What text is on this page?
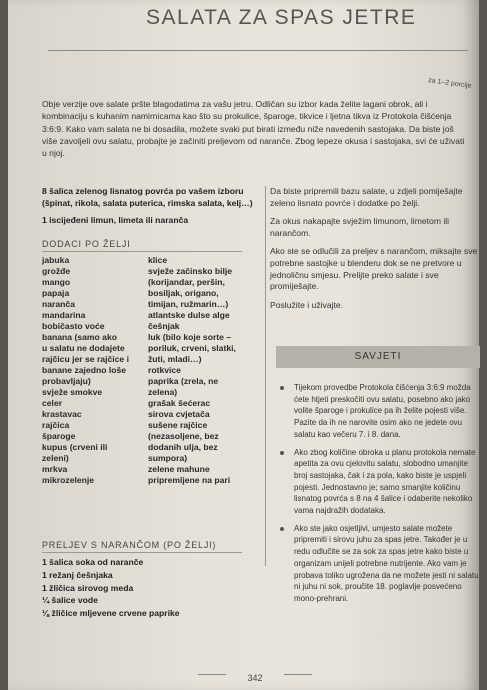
SALATA ZA SPAS JETRE
za 1–2 porcije
Obje verzije ove salate pršte blagodatima za vašu jetru. Odličan su izbor kada želite lagani obrok, ali i kombinaciju s kuhanim namirnicama kao što su prokulice, šparoge, tikvice i ljetna tikva iz Protokola čišćenja 3:6:9. Kako vam salata ne bi dosadila, možete svaki put birati između niže navedenih sastojaka. Da biste još više zavoljeli ovu salatu, probajte je začiniti preljevom od naranče. Zbog lepeze okusa i sastojaka, svi će uživati u njoj.

8 šalica zelenog lisnatog povrća po vašem izboru (špinat, rikola, salata puterica, rimska salata, kelj…)

1 iscijeđeni limun, limeta ili naranča

DODACI PO ŽELJI
jabuka
grožđe
mango
papaja
naranča
mandarina
bobičasto voće
banana (samo ako
u salatu ne dodajete
rajčicu jer se rajčice i
banane zajedno loše
probavljaju)
svježe smokve
celer
krastavac
rajčica
šparoge
kupus (crveni ili
zeleni)
mrkva
mikrozelenje
klice
svježe začinsko bilje
(korijandar, peršin,
bosiljak, origano,
timijan, ružmarin…)
atlantske dulse alge
češnjak
luk (bilo koje sorte –
poriluk, crveni, slatki,
žuti, mladi…)
rotkvice
paprika (zrela, ne
zelena)
grašak šećerac
sirova cvjetača
sušene rajčice
(nezasoljene, bez
dodanih ulja, bez
sumpora)
zelene mahune
pripremljene na pari
PRELJEV S NARANČOM (PO ŽELJI)
1 šalica soka od naranče
1 režanj češnjaka
1 žličica sirovog meda
¼ šalice vode
⅛ žličice mljevene crvene paprike

Da biste pripremili bazu salate, u zdjeli pomiješajte zeleno lisnato povrće i dodatke po želji.

Za okus nakapajte svježim limunom, limetom ili narančom.

Ako ste se odlučili za preljev s narančom, miksajte sve potrebne sastojke u blenderu dok se ne pretvore u jednoličnu smjesu. Prelijte preko salate i sve promiješajte.

Poslužite i uživajte.

SAVJETI
Tijekom provedbe Protokola čišćenja 3:6:9 možda ćete htjeti preskočiti ovu salatu, posebno ako jako volite šparoge i prokulice pa ih želite pojesti više. Pazite da ih ne narovite osim ako ne jedete ovu salatu kao večeru 7. i 8. dana.
Ako zbog količine obroka u planu protokola nemate apetita za ovu cjelovitu salatu, slobodno umanjite broj sastojaka, čak i za pola, kako biste je uspjeli pojesti. Jednostavno je; samo smanjite količinu lisnatog povrća s 8 na 4 šalice i odaberite nekoliko vama najdražih dodataka.
Ako ste jako osjetljivi, umjesto salate možete pripremiti i sirovu juhu za spas jetre. Također je u redu odlučite se za sok za spas jetre kako biste u organizam unijeli potrebne nutrijente. Ako vam je probava toliko ugrožena da ne možete jesti ni salatu ni juhu ni sok, proučite 18. poglavlje posvećeno mono-prehrani.
342
